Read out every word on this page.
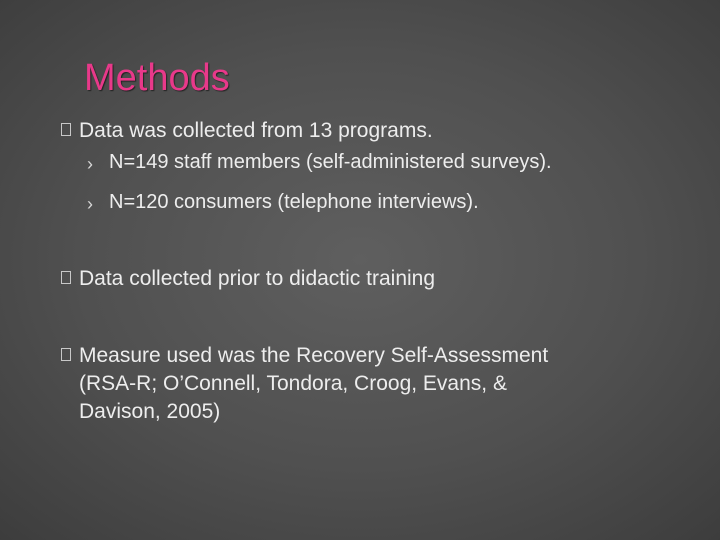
Methods
Data was collected from 13 programs.
› N=149 staff members (self-administered surveys).
› N=120 consumers (telephone interviews).
Data collected prior to didactic training
Measure used was the Recovery Self-Assessment
(RSA-R; O’Connell, Tondora, Croog, Evans, &
Davison, 2005)
